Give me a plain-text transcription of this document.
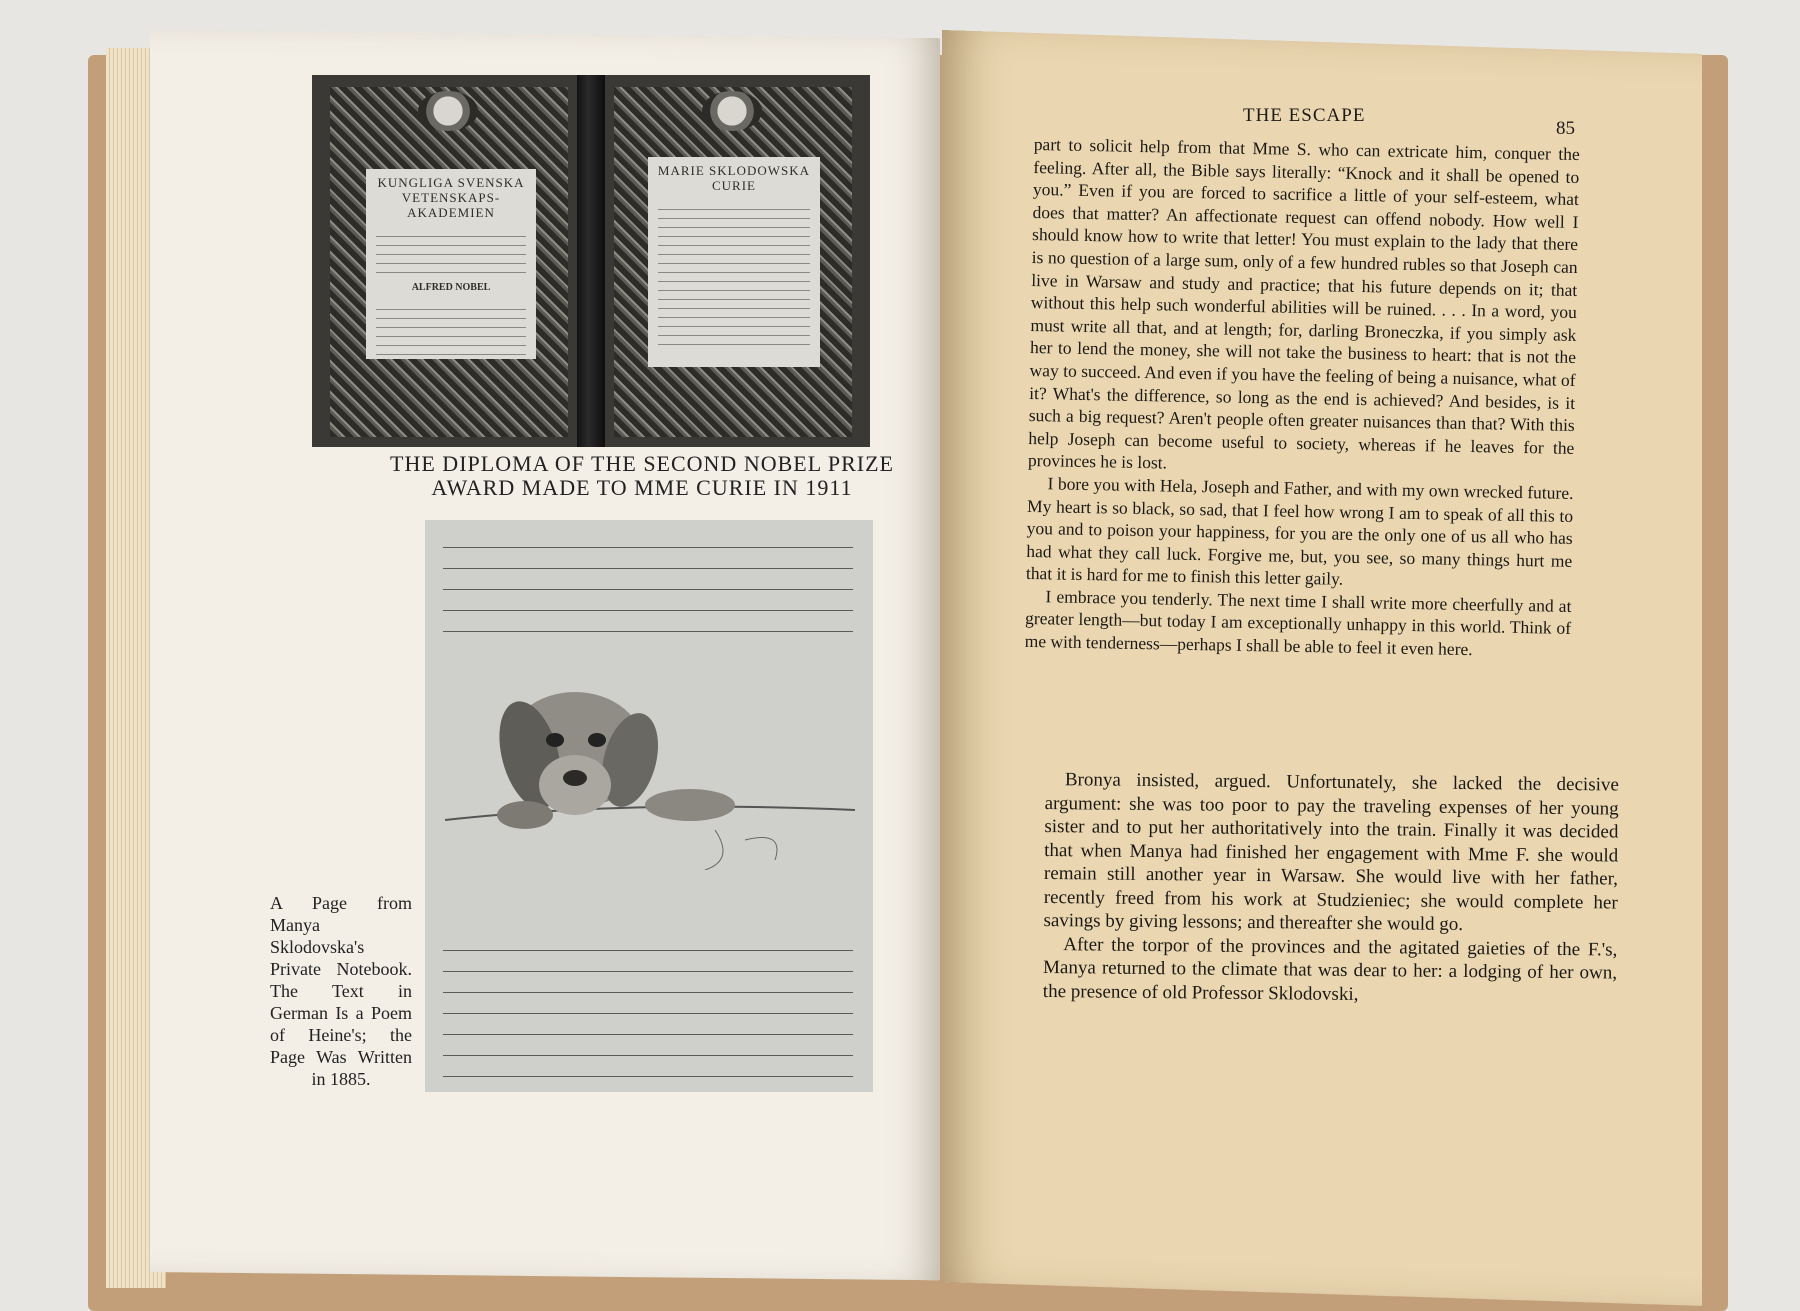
KUNGLIGA SVENSKA VETENSKAPS-AKADEMIEN
ALFRED NOBEL
MARIE SKLODOWSKA CURIE
THE DIPLOMA OF THE SECOND NOBEL PRIZE
AWARD MADE TO MME CURIE IN 1911
A Page from Manya Sklodovska's Private Notebook. The Text in German Is a Poem of Heine's; the Page Was Written in 1885.
THE ESCAPE
85

part to solicit help from that Mme S. who can extricate him, conquer the feeling. After all, the Bible says literally: “Knock and it shall be opened to you.” Even if you are forced to sacrifice a little of your self-esteem, what does that matter? An affectionate request can offend nobody. How well I should know how to write that letter! You must explain to the lady that there is no question of a large sum, only of a few hundred rubles so that Joseph can live in Warsaw and study and practice; that his future depends on it; that without this help such wonderful abilities will be ruined. . . . In a word, you must write all that, and at length; for, darling Broneczka, if you simply ask her to lend the money, she will not take the business to heart: that is not the way to succeed. And even if you have the feeling of being a nuisance, what of it? What's the difference, so long as the end is achieved? And besides, is it such a big request? Aren't people often greater nuisances than that? With this help Joseph can become useful to society, whereas if he leaves for the provinces he is lost.

I bore you with Hela, Joseph and Father, and with my own wrecked future. My heart is so black, so sad, that I feel how wrong I am to speak of all this to you and to poison your happiness, for you are the only one of us all who has had what they call luck. Forgive me, but, you see, so many things hurt me that it is hard for me to finish this letter gaily.

I embrace you tenderly. The next time I shall write more cheerfully and at greater length—but today I am exceptionally unhappy in this world. Think of me with tenderness—perhaps I shall be able to feel it even here.

Bronya insisted, argued. Unfortunately, she lacked the decisive argument: she was too poor to pay the traveling expenses of her young sister and to put her authoritatively into the train. Finally it was decided that when Manya had finished her engagement with Mme F. she would remain still another year in Warsaw. She would live with her father, recently freed from his work at Studzieniec; she would complete her savings by giving lessons; and thereafter she would go.

After the torpor of the provinces and the agitated gaieties of the F.'s, Manya returned to the climate that was dear to her: a lodging of her own, the presence of old Professor Sklodovski,
